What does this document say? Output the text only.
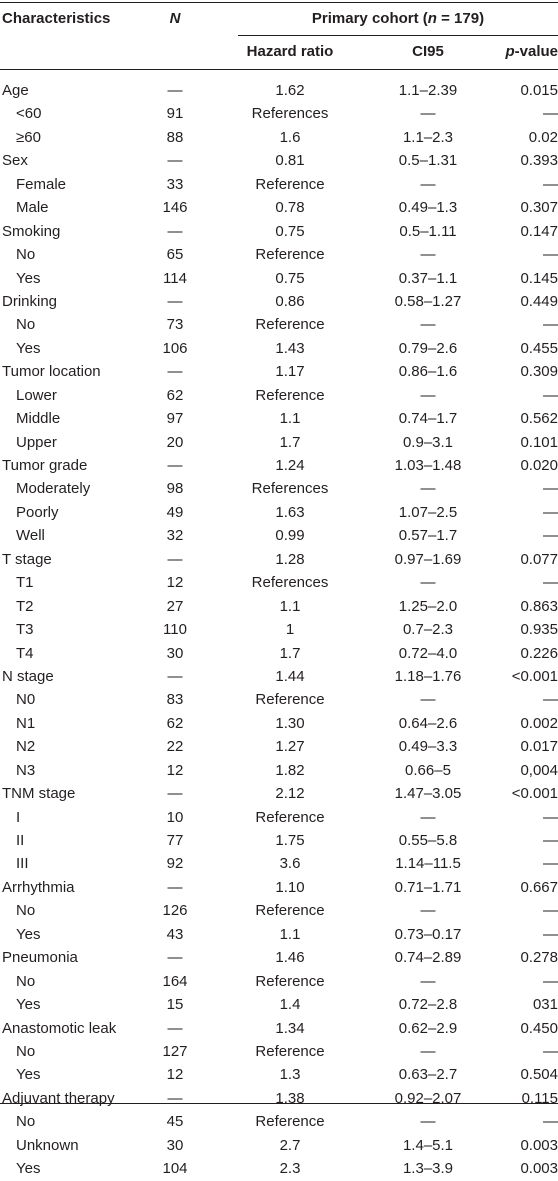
Characteristics	N	Primary cohort (n = 179)
Hazard ratio	CI95	p-value
Age	—	1.62	1.1–2.39	0.015
<60	91	References	—	—
≥60	88	1.6	1.1–2.3	0.02
Sex	—	0.81	0.5–1.31	0.393
Female	33	Reference	—	—
Male	146	0.78	0.49–1.3	0.307
Smoking	—	0.75	0.5–1.11	0.147
No	65	Reference	—	—
Yes	114	0.75	0.37–1.1	0.145
Drinking	—	0.86	0.58–1.27	0.449
No	73	Reference	—	—
Yes	106	1.43	0.79–2.6	0.455
Tumor location	—	1.17	0.86–1.6	0.309
Lower	62	Reference	—	—
Middle	97	1.1	0.74–1.7	0.562
Upper	20	1.7	0.9–3.1	0.101
Tumor grade	—	1.24	1.03–1.48	0.020
Moderately	98	References	—	—
Poorly	49	1.63	1.07–2.5	—
Well	32	0.99	0.57–1.7	—
T stage	—	1.28	0.97–1.69	0.077
T1	12	References	—	—
T2	27	1.1	1.25–2.0	0.863
T3	110	1	0.7–2.3	0.935
T4	30	1.7	0.72–4.0	0.226
N stage	—	1.44	1.18–1.76	<0.001
N0	83	Reference	—	—
N1	62	1.30	0.64–2.6	0.002
N2	22	1.27	0.49–3.3	0.017
N3	12	1.82	0.66–5	0,004
TNM stage	—	2.12	1.47–3.05	<0.001
I	10	Reference	—	—
II	77	1.75	0.55–5.8	—
III	92	3.6	1.14–11.5	—
Arrhythmia	—	1.10	0.71–1.71	0.667
No	126	Reference	—	—
Yes	43	1.1	0.73–0.17	—
Pneumonia	—	1.46	0.74–2.89	0.278
No	164	Reference	—	—
Yes	15	1.4	0.72–2.8	031
Anastomotic leak	—	1.34	0.62–2.9	0.450
No	127	Reference	—	—
Yes	12	1.3	0.63–2.7	0.504
Adjuvant therapy	—	1.38	0.92–2.07	0.115
No	45	Reference	—	—
Unknown	30	2.7	1.4–5.1	0.003
Yes	104	2.3	1.3–3.9	0.003
